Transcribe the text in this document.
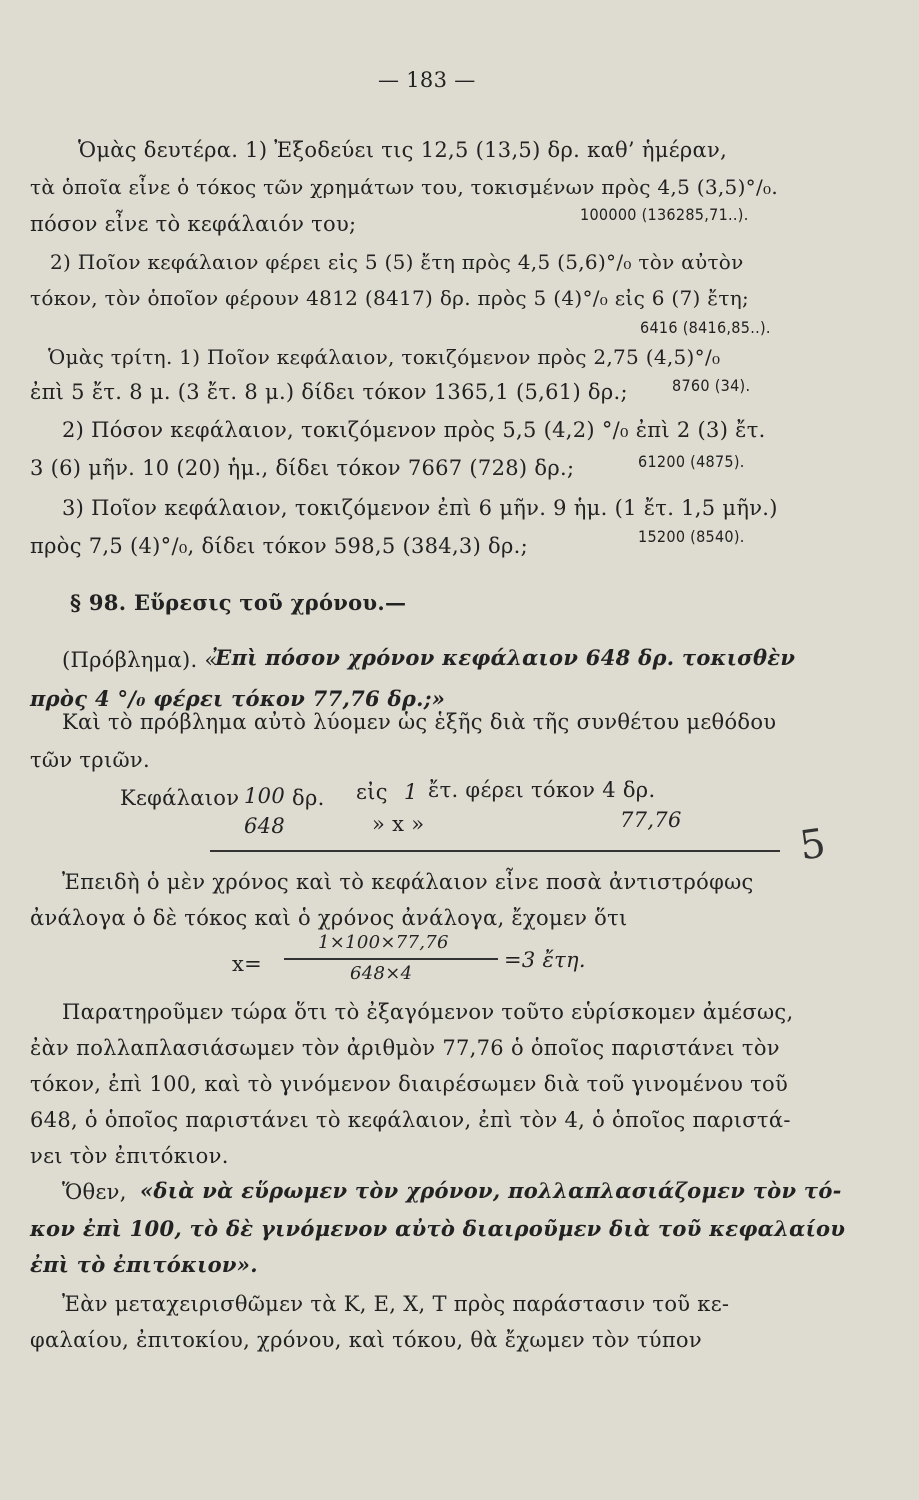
— 183 —
Ὁμὰς δευτέρα. 1) Ἐξοδεύει τις 12,5 (13,5) δρ. καθ’ ἡμέραν,
τὰ ὁποῖα εἶνε ὁ τόκος τῶν χρημάτων του, τοκισμένων πρὸς 4,5 (3,5)°/₀.
πόσον εἶνε τὸ κεφάλαιόν του;	100000 (136285,71..).
2) Ποῖον κεφάλαιον φέρει εἰς 5 (5) ἔτη πρὸς 4,5 (5,6)°/₀ τὸν αὐτὸν
τόκον, τὸν ὁποῖον φέρουν 4812 (8417) δρ. πρὸς 5 (4)°/₀ εἰς 6 (7) ἔτη;
6416 (8416,85..).
Ὁμὰς τρίτη. 1) Ποῖον κεφάλαιον, τοκιζόμενον πρὸς 2,75 (4,5)°/₀
ἐπὶ 5 ἔτ. 8 μ. (3 ἔτ. 8 μ.) δίδει τόκον 1365,1 (5,61) δρ.;	8760 (34).
2) Πόσον κεφάλαιον, τοκιζόμενον πρὸς 5,5 (4,2) °/₀ ἐπὶ 2 (3) ἔτ.
3 (6) μῆν. 10 (20) ἡμ., δίδει τόκον 7667 (728) δρ.;	61200 (4875).
3) Ποῖον κεφάλαιον, τοκιζόμενον ἐπὶ 6 μῆν. 9 ἡμ. (1 ἔτ. 1,5 μῆν.)
πρὸς 7,5 (4)°/₀, δίδει τόκον 598,5 (384,3) δρ.;	15200 (8540).
§ 98. Εὕρεσις τοῦ χρόνου.—
(Πρόβλημα). «
Ἐπὶ πόσον χρόνον κεφάλαιον 648 δρ. τοκισθὲν
πρὸς 4 °/₀ φέρει τόκον 77,76 δρ.;»
Καὶ τὸ πρόβλημα αὐτὸ λύομεν ὡς ἑξῆς διὰ τῆς συνθέτου μεθόδου
τῶν τριῶν.
Κεφάλαιον 100 δρ. εἰς 1 ἔτ. φέρει τόκον 4 δρ.
648	» x »	77,76
5
Ἐπειδὴ ὁ μὲν χρόνος καὶ τὸ κεφάλαιον εἶνε ποσὰ ἀντιστρόφως
ἀνάλογα ὁ δὲ τόκος καὶ ὁ χρόνος ἀνάλογα, ἔχομεν ὅτι
x=
1×100×77,76
648×4
=3 ἔτη.
Παρατηροῦμεν τώρα ὅτι τὸ ἐξαγόμενον τοῦτο εὑρίσκομεν ἀμέσως,
ἐὰν πολλαπλασιάσωμεν τὸν ἀριθμὸν 77,76 ὁ ὁποῖος παριστάνει τὸν
τόκον, ἐπὶ 100, καὶ τὸ γινόμενον διαιρέσωμεν διὰ τοῦ γινομένου τοῦ
648, ὁ ὁποῖος παριστάνει τὸ κεφάλαιον, ἐπὶ τὸν 4, ὁ ὁποῖος παριστά-
νει τὸν ἐπιτόκιον.
Ὅθεν, «διὰ νὰ εὕρωμεν τὸν χρόνον, πολλαπλασιάζομεν τὸν τό-
κον ἐπὶ 100, τὸ δὲ γινόμενον αὐτὸ διαιροῦμεν διὰ τοῦ κεφαλαίου
ἐπὶ τὸ ἐπιτόκιον».
Ἐὰν μεταχειρισθῶμεν τὰ Κ, Ε, Χ, Τ πρὸς παράστασιν τοῦ κε-
φαλαίου, ἐπιτοκίου, χρόνου, καὶ τόκου, θὰ ἔχωμεν τὸν τύπον
